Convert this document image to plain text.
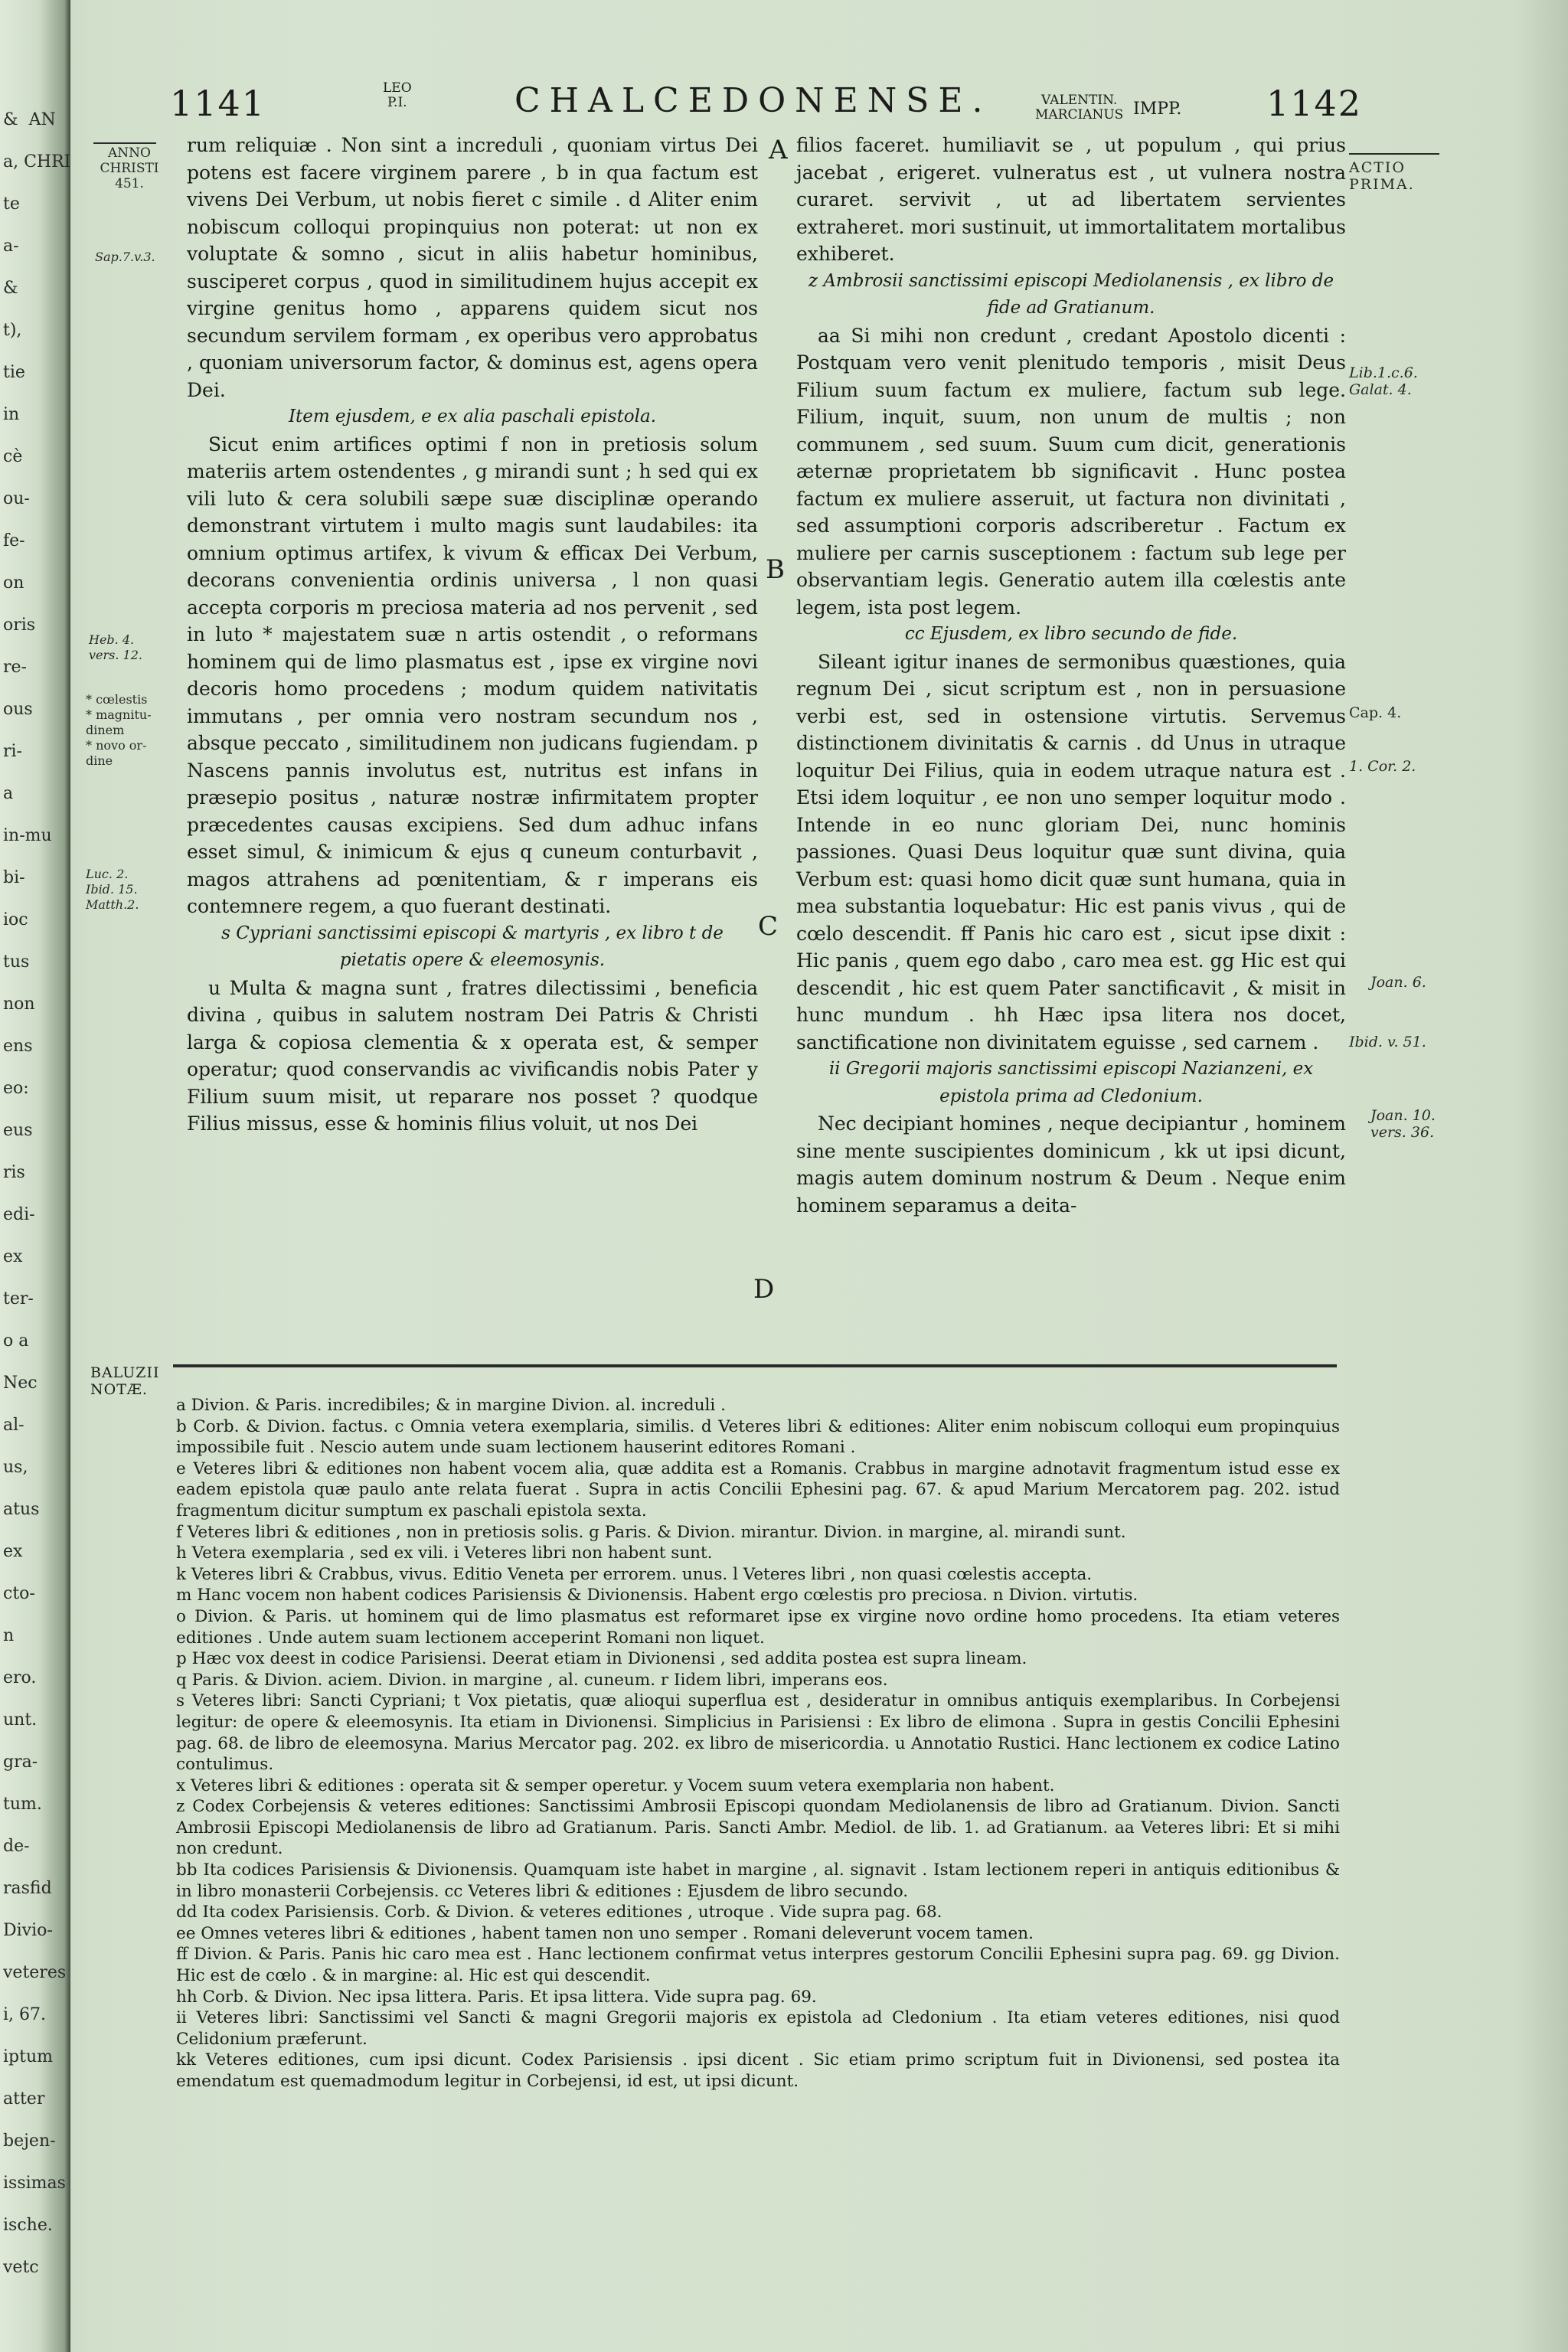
&  AN
a, CHRI
te
a-
&
t),
tie
in
cè
ou-
fe-
on
oris
re-
ous
ri-
a
in-mu
bi-
ioc
tus
non
ens
eo:
eus
ris
edi-
ex
ter-
o a
Nec
al-
us,
atus
ex
cto-
n
ero.
unt.
gra-
tum.
de-
rasfid
Divio-
veteres
i, 67.
iptum
atter
bejen-
issimas
ische.
vetc
1141	LEO
P.I.	CHALCEDONENSE.	VALENTIN.
MARCIANUS IMPP. 1142
ANNO
CHRISTI
451.
Sap.7.v.3.
Heb. 4.
vers. 12.
* cœlestis
* magnitu-
dinem
* novo or-
dine
Luc. 2.
Ibid. 15.
Matth.2.
ACTIO
PRIMA.
Lib.1.c.6.
Galat. 4.
Cap. 4.
1. Cor. 2.
Joan. 6.
Ibid. v. 51.
Joan. 10.
vers. 36.
A
B
C
D

rum reliquiæ . Non sint a increduli , quoniam virtus Dei potens est facere virginem parere , b in qua factum est vivens Dei Verbum, ut nobis fieret c simile . d Aliter enim nobiscum colloqui propinquius non poterat: ut non ex voluptate & somno , sicut in aliis habetur hominibus, susciperet corpus , quod in similitudinem hujus accepit ex virgine genitus homo , apparens quidem sicut nos secundum servilem formam , ex operibus vero approbatus , quoniam universorum factor, & dominus est, agens opera Dei.

Item ejusdem, e ex alia paschali epistola.

Sicut enim artifices optimi f non in pretiosis solum materiis artem ostendentes , g mirandi sunt ; h sed qui ex vili luto & cera solubili sæpe suæ disciplinæ operando demonstrant virtutem i multo magis sunt laudabiles: ita omnium optimus artifex, k vivum & efficax Dei Verbum, decorans convenientia ordinis universa , l non quasi accepta corporis m preciosa materia ad nos pervenit , sed in luto * majestatem suæ n artis ostendit , o reformans hominem qui de limo plasmatus est , ipse ex virgine novi decoris homo procedens ; modum quidem nativitatis immutans , per omnia vero nostram secundum nos , absque peccato , similitudinem non judicans fugiendam. p Nascens pannis involutus est, nutritus est infans in præsepio positus , naturæ nostræ infirmitatem propter præcedentes causas excipiens. Sed dum adhuc infans esset simul, & inimicum & ejus q cuneum conturbavit , magos attrahens ad pœnitentiam, & r imperans eis contemnere regem, a quo fuerant destinati.

s Cypriani sanctissimi episcopi & martyris , ex libro t de pietatis opere & eleemosynis.

u Multa & magna sunt , fratres dilectissimi , beneficia divina , quibus in salutem nostram Dei Patris & Christi larga & copiosa clementia & x operata est, & semper operatur; quod conservandis ac vivificandis nobis Pater y Filium suum misit, ut reparare nos posset ? quodque Filius missus, esse & hominis filius voluit, ut nos Dei

filios faceret. humiliavit se , ut populum , qui prius jacebat , erigeret. vulneratus est , ut vulnera nostra curaret. servivit , ut ad libertatem servientes extraheret. mori sustinuit, ut immortalitatem mortalibus exhiberet.

z Ambrosii sanctissimi episcopi Mediolanensis , ex libro de fide ad Gratianum.

aa Si mihi non credunt , credant Apostolo dicenti : Postquam vero venit plenitudo temporis , misit Deus Filium suum factum ex muliere, factum sub lege. Filium, inquit, suum, non unum de multis ; non communem , sed suum. Suum cum dicit, generationis æternæ proprietatem bb significavit . Hunc postea factum ex muliere asseruit, ut factura non divinitati , sed assumptioni corporis adscriberetur . Factum ex muliere per carnis susceptionem : factum sub lege per observantiam legis. Generatio autem illa cœlestis ante legem, ista post legem.

cc Ejusdem, ex libro secundo de fide.

Sileant igitur inanes de sermonibus quæstiones, quia regnum Dei , sicut scriptum est , non in persuasione verbi est, sed in ostensione virtutis. Servemus distinctionem divinitatis & carnis . dd Unus in utraque loquitur Dei Filius, quia in eodem utraque natura est . Etsi idem loquitur , ee non uno semper loquitur modo . Intende in eo nunc gloriam Dei, nunc hominis passiones. Quasi Deus loquitur quæ sunt divina, quia Verbum est: quasi homo dicit quæ sunt humana, quia in mea substantia loquebatur: Hic est panis vivus , qui de cœlo descendit. ff Panis hic caro est , sicut ipse dixit : Hic panis , quem ego dabo , caro mea est. gg Hic est qui descendit , hic est quem Pater sanctificavit , & misit in hunc mundum . hh Hæc ipsa litera nos docet, sanctificatione non divinitatem eguisse , sed carnem .

ii Gregorii majoris sanctissimi episcopi Nazianzeni, ex epistola prima ad Cledonium.

Nec decipiant homines , neque decipiantur , hominem sine mente suscipientes dominicum , kk ut ipsi dicunt, magis autem dominum nostrum & Deum . Neque enim hominem separamus a deita-

BALUZII
NOTÆ.

a Divion. & Paris. incredibiles; & in margine Divion. al. increduli .

b Corb. & Divion. factus. c Omnia vetera exemplaria, similis. d Veteres libri & editiones: Aliter enim nobiscum colloqui eum propinquius impossibile fuit . Nescio autem unde suam lectionem hauserint editores Romani .

e Veteres libri & editiones non habent vocem alia, quæ addita est a Romanis. Crabbus in margine adnotavit fragmentum istud esse ex eadem epistola quæ paulo ante relata fuerat . Supra in actis Concilii Ephesini pag. 67. & apud Marium Mercatorem pag. 202. istud fragmentum dicitur sumptum ex paschali epistola sexta.

f Veteres libri & editiones , non in pretiosis solis. g Paris. & Divion. mirantur. Divion. in margine, al. mirandi sunt.

h Vetera exemplaria , sed ex vili. i Veteres libri non habent sunt.

k Veteres libri & Crabbus, vivus. Editio Veneta per errorem. unus. l Veteres libri , non quasi cœlestis accepta.

m Hanc vocem non habent codices Parisiensis & Divionensis. Habent ergo cœlestis pro preciosa. n Divion. virtutis.

o Divion. & Paris. ut hominem qui de limo plasmatus est reformaret ipse ex virgine novo ordine homo procedens. Ita etiam veteres editiones . Unde autem suam lectionem acceperint Romani non liquet.

p Hæc vox deest in codice Parisiensi. Deerat etiam in Divionensi , sed addita postea est supra lineam.

q Paris. & Divion. aciem. Divion. in margine , al. cuneum. r Iidem libri, imperans eos.

s Veteres libri: Sancti Cypriani; t Vox pietatis, quæ alioqui superflua est , desideratur in omnibus antiquis exemplaribus. In Corbejensi legitur: de opere & eleemosynis. Ita etiam in Divionensi. Simplicius in Parisiensi : Ex libro de elimona . Supra in gestis Concilii Ephesini pag. 68. de libro de eleemosyna. Marius Mercator pag. 202. ex libro de misericordia. u Annotatio Rustici. Hanc lectionem ex codice Latino contulimus.

x Veteres libri & editiones : operata sit & semper operetur. y Vocem suum vetera exemplaria non habent.

z Codex Corbejensis & veteres editiones: Sanctissimi Ambrosii Episcopi quondam Mediolanensis de libro ad Gratianum. Divion. Sancti Ambrosii Episcopi Mediolanensis de libro ad Gratianum. Paris. Sancti Ambr. Mediol. de lib. 1. ad Gratianum. aa Veteres libri: Et si mihi non credunt.

bb Ita codices Parisiensis & Divionensis. Quamquam iste habet in margine , al. signavit . Istam lectionem reperi in antiquis editionibus & in libro monasterii Corbejensis. cc Veteres libri & editiones : Ejusdem de libro secundo.

dd Ita codex Parisiensis. Corb. & Divion. & veteres editiones , utroque . Vide supra pag. 68.

ee Omnes veteres libri & editiones , habent tamen non uno semper . Romani deleverunt vocem tamen.

ff Divion. & Paris. Panis hic caro mea est . Hanc lectionem confirmat vetus interpres gestorum Concilii Ephesini supra pag. 69. gg Divion. Hic est de cœlo . & in margine: al. Hic est qui descendit.

hh Corb. & Divion. Nec ipsa littera. Paris. Et ipsa littera. Vide supra pag. 69.

ii Veteres libri: Sanctissimi vel Sancti & magni Gregorii majoris ex epistola ad Cledonium . Ita etiam veteres editiones, nisi quod Celidonium præferunt.

kk Veteres editiones, cum ipsi dicunt. Codex Parisiensis . ipsi dicent . Sic etiam primo scriptum fuit in Divionensi, sed postea ita emendatum est quemadmodum legitur in Corbejensi, id est, ut ipsi dicunt.
